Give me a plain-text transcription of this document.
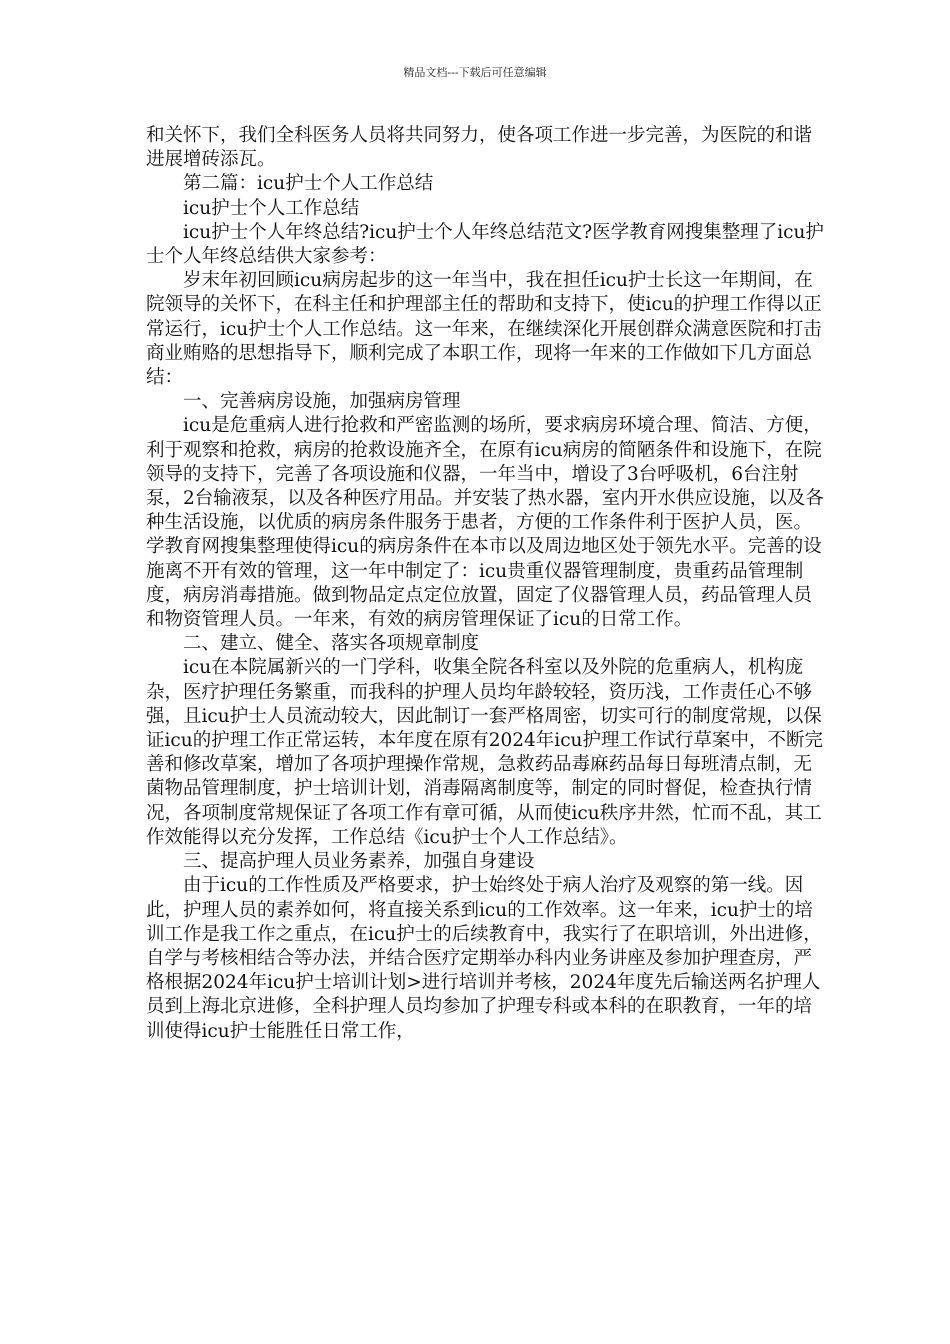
精品文档---下载后可任意编辑

和关怀下，我们全科医务人员将共同努力，使各项工作进一步完善，为医院的和谐进展增砖添瓦。

第二篇：icu护士个人工作总结

icu护士个人工作总结

icu护士个人年终总结?icu护士个人年终总结范文?医学教育网搜集整理了icu护士个人年终总结供大家参考：

岁末年初回顾icu病房起步的这一年当中，我在担任icu护士长这一年期间，在院领导的关怀下，在科主任和护理部主任的帮助和支持下，使icu的护理工作得以正常运行，icu护士个人工作总结。这一年来，在继续深化开展创群众满意医院和打击商业贿赂的思想指导下，顺利完成了本职工作，现将一年来的工作做如下几方面总结：

一、完善病房设施，加强病房管理

icu是危重病人进行抢救和严密监测的场所，要求病房环境合理、简洁、方便，利于观察和抢救，病房的抢救设施齐全，在原有icu病房的简陋条件和设施下，在院领导的支持下，完善了各项设施和仪器，一年当中，增设了3台呼吸机，6台注射泵，2台输液泵，以及各种医疗用品。并安装了热水器，室内开水供应设施，以及各种生活设施，以优质的病房条件服务于患者，方便的工作条件利于医护人员，医。学教育网搜集整理使得icu的病房条件在本市以及周边地区处于领先水平。完善的设施离不开有效的管理，这一年中制定了：icu贵重仪器管理制度，贵重药品管理制度，病房消毒措施。做到物品定点定位放置，固定了仪器管理人员，药品管理人员和物资管理人员。一年来，有效的病房管理保证了icu的日常工作。

二、建立、健全、落实各项规章制度

icu在本院属新兴的一门学科，收集全院各科室以及外院的危重病人，机构庞杂，医疗护理任务繁重，而我科的护理人员均年龄较轻，资历浅，工作责任心不够强，且icu护士人员流动较大，因此制订一套严格周密，切实可行的制度常规，以保证icu的护理工作正常运转，本年度在原有2024年icu护理工作试行草案中，不断完善和修改草案，增加了各项护理操作常规，急救药品毒麻药品每日每班清点制，无菌物品管理制度，护士培训计划，消毒隔离制度等，制定的同时督促，检查执行情况，各项制度常规保证了各项工作有章可循，从而使icu秩序井然，忙而不乱，其工作效能得以充分发挥，工作总结《icu护士个人工作总结》。

三、提高护理人员业务素养，加强自身建设

由于icu的工作性质及严格要求，护士始终处于病人治疗及观察的第一线。因此，护理人员的素养如何，将直接关系到icu的工作效率。这一年来，icu护士的培训工作是我工作之重点，在icu护士的后续教育中，我实行了在职培训，外出进修，自学与考核相结合等办法，并结合医疗定期举办科内业务讲座及参加护理查房，严格根据2024年icu护士培训计划>进行培训并考核，2024年度先后输送两名护理人员到上海北京进修，全科护理人员均参加了护理专科或本科的在职教育，一年的培训使得icu护士能胜任日常工作，
